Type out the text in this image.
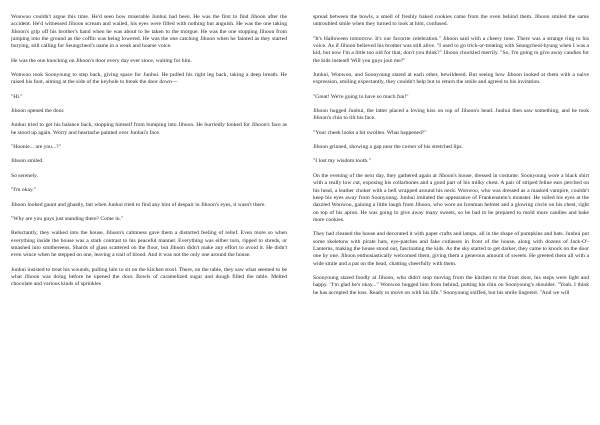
Wonwoo couldn't argue this time. He'd seen how miserable Junhui had been. He was the first to find Jihoon after the accident. He'd witnessed Jihoon scream and wailed, his eyes were filled with nothing but anguish. He was the one taking Jihoon's grip off his brother's hand when he was about to be taken to the morgue. He was the one stopping Jihoon from jumping into the ground as the coffin was being lowered. He was the one catching Jihoon when he fainted as they started burying, still calling for Seungcheol's name in a weak and hoarse voice.

He was the one knocking on Jihoon's door every day ever since, waiting for him.

Wonwoo took Soonyoung to step back, giving space for Junhui. He pulled his right leg back, taking a deep breath. He raised his foot, aiming at the side of the keyhole to break the door down—

"Hi."

Jihoon opened the door.

Junhui tried to get his balance back, stopping himself from bumping into Jihoon. He hurriedly looked for Jihoon's face as he stood up again. Worry and heartache painted over Junhui's face.

"Hoonie... are you...?"

Jihoon smiled.

So serenely.

"I'm okay."

Jihoon looked gaunt and ghastly, but when Junhui tried to find any hint of despair in Jihoon's eyes, it wasn't there.

"Why are you guys just standing there? Come in."

Reluctantly, they walked into the house. Jihoon's calmness gave them a distorted feeling of relief. Even more so when everything inside the house was a stark contrast to his peaceful manner. Everything was either torn, ripped to shreds, or smashed into smithereens. Shards of glass scattered on the floor, but Jihoon didn't make any effort to avoid it. He didn't even wince when he stepped on one, leaving a trail of blood. And it was not the only one around the house.

Junhui insisted to treat his wounds, pulling him to sit on the kitchen stool. There, on the table, they saw what seemed to be what Jihoon was doing before he opened the door. Bowls of caramelized sugar and dough filled the table. Melted chocolate and various kinds of sprinkles

spread between the bowls, a smell of freshly baked cookies came from the oven behind them. Jihoon smiled the same untroubled smile when they turned to look at him, confused.

"It's Halloween tomorrow. It's our favorite celebration." Jihoon said with a cheery tone. There was a strange ring to his voice. As if Jihoon believed his brother was still alive. "I used to go trick-or-treating with Seungcheol-hyung when I was a kid, but now I'm a little too old for that, don't you think?" Jihoon chuckled merrily. "So, I'm going to give away candies for the kids instead! Will you guys join me?"

Junhui, Wonwoo, and Soonyoung stared at each other, bewildered. But seeing how Jihoon looked at them with a naive expression, smiling expectantly, they couldn't help but to return the smile and agreed to his invitation.

"Great! We're going to have so much fun!"

Jihoon hugged Junhui, the latter placed a loving kiss on top of Jihoon's head. Junhui then saw something, and he took Jihoon's chin to tilt his face.

"Your cheek looks a bit swollen. What happened?"

Jihoon grinned, showing a gap near the corner of his stretched lips.

"I lost my wisdom tooth."

On the evening of the next day, they gathered again at Jihoon's house, dressed in costume. Soonyoung wore a black shirt with a really low cut, exposing his collarbones and a good part of his milky chest. A pair of striped feline ears perched on his head, a leather choker with a bell wrapped around his neck. Wonwoo, who was dressed as a masked vampire, couldn't keep his eyes away from Soonyoung. Junhui imitated the appearance of Frankenstein's monster. He rolled his eyes at the dazzled Wonwoo, gaining a little laugh from Jihoon, who wore an Ironman helmet and a glowing circle on his chest, right on top of his apron. He was going to give away many sweets, so he had to be prepared to mold more candies and bake more cookies.

They had cleaned the house and decorated it with paper crafts and lamps, all in the shape of pumpkins and bats. Junhui put some skeletons with pirate hats, eye-patches and fake cutlasses in front of the house, along with dozens of Jack-O'-Lanterns, making the house stood out, fascinating the kids. As the sky started to get darker, they came to knock on the door one by one. Jihoon enthusiastically welcomed them, giving them a generous amount of sweets. He greeted them all with a wide smile and a pat on the head, chatting cheerfully with them.

Soonyoung stared fondly at Jihoon, who didn't stop moving from the kitchen to the front door, his steps were light and happy. "I'm glad he's okay..." Wonwoo hugged him from behind, putting his chin on Soonyoung's shoulder. "Yeah. I think he has accepted the loss. Ready to move on with his life." Soonyoung sniffed, but his smile lingered. "And we will
